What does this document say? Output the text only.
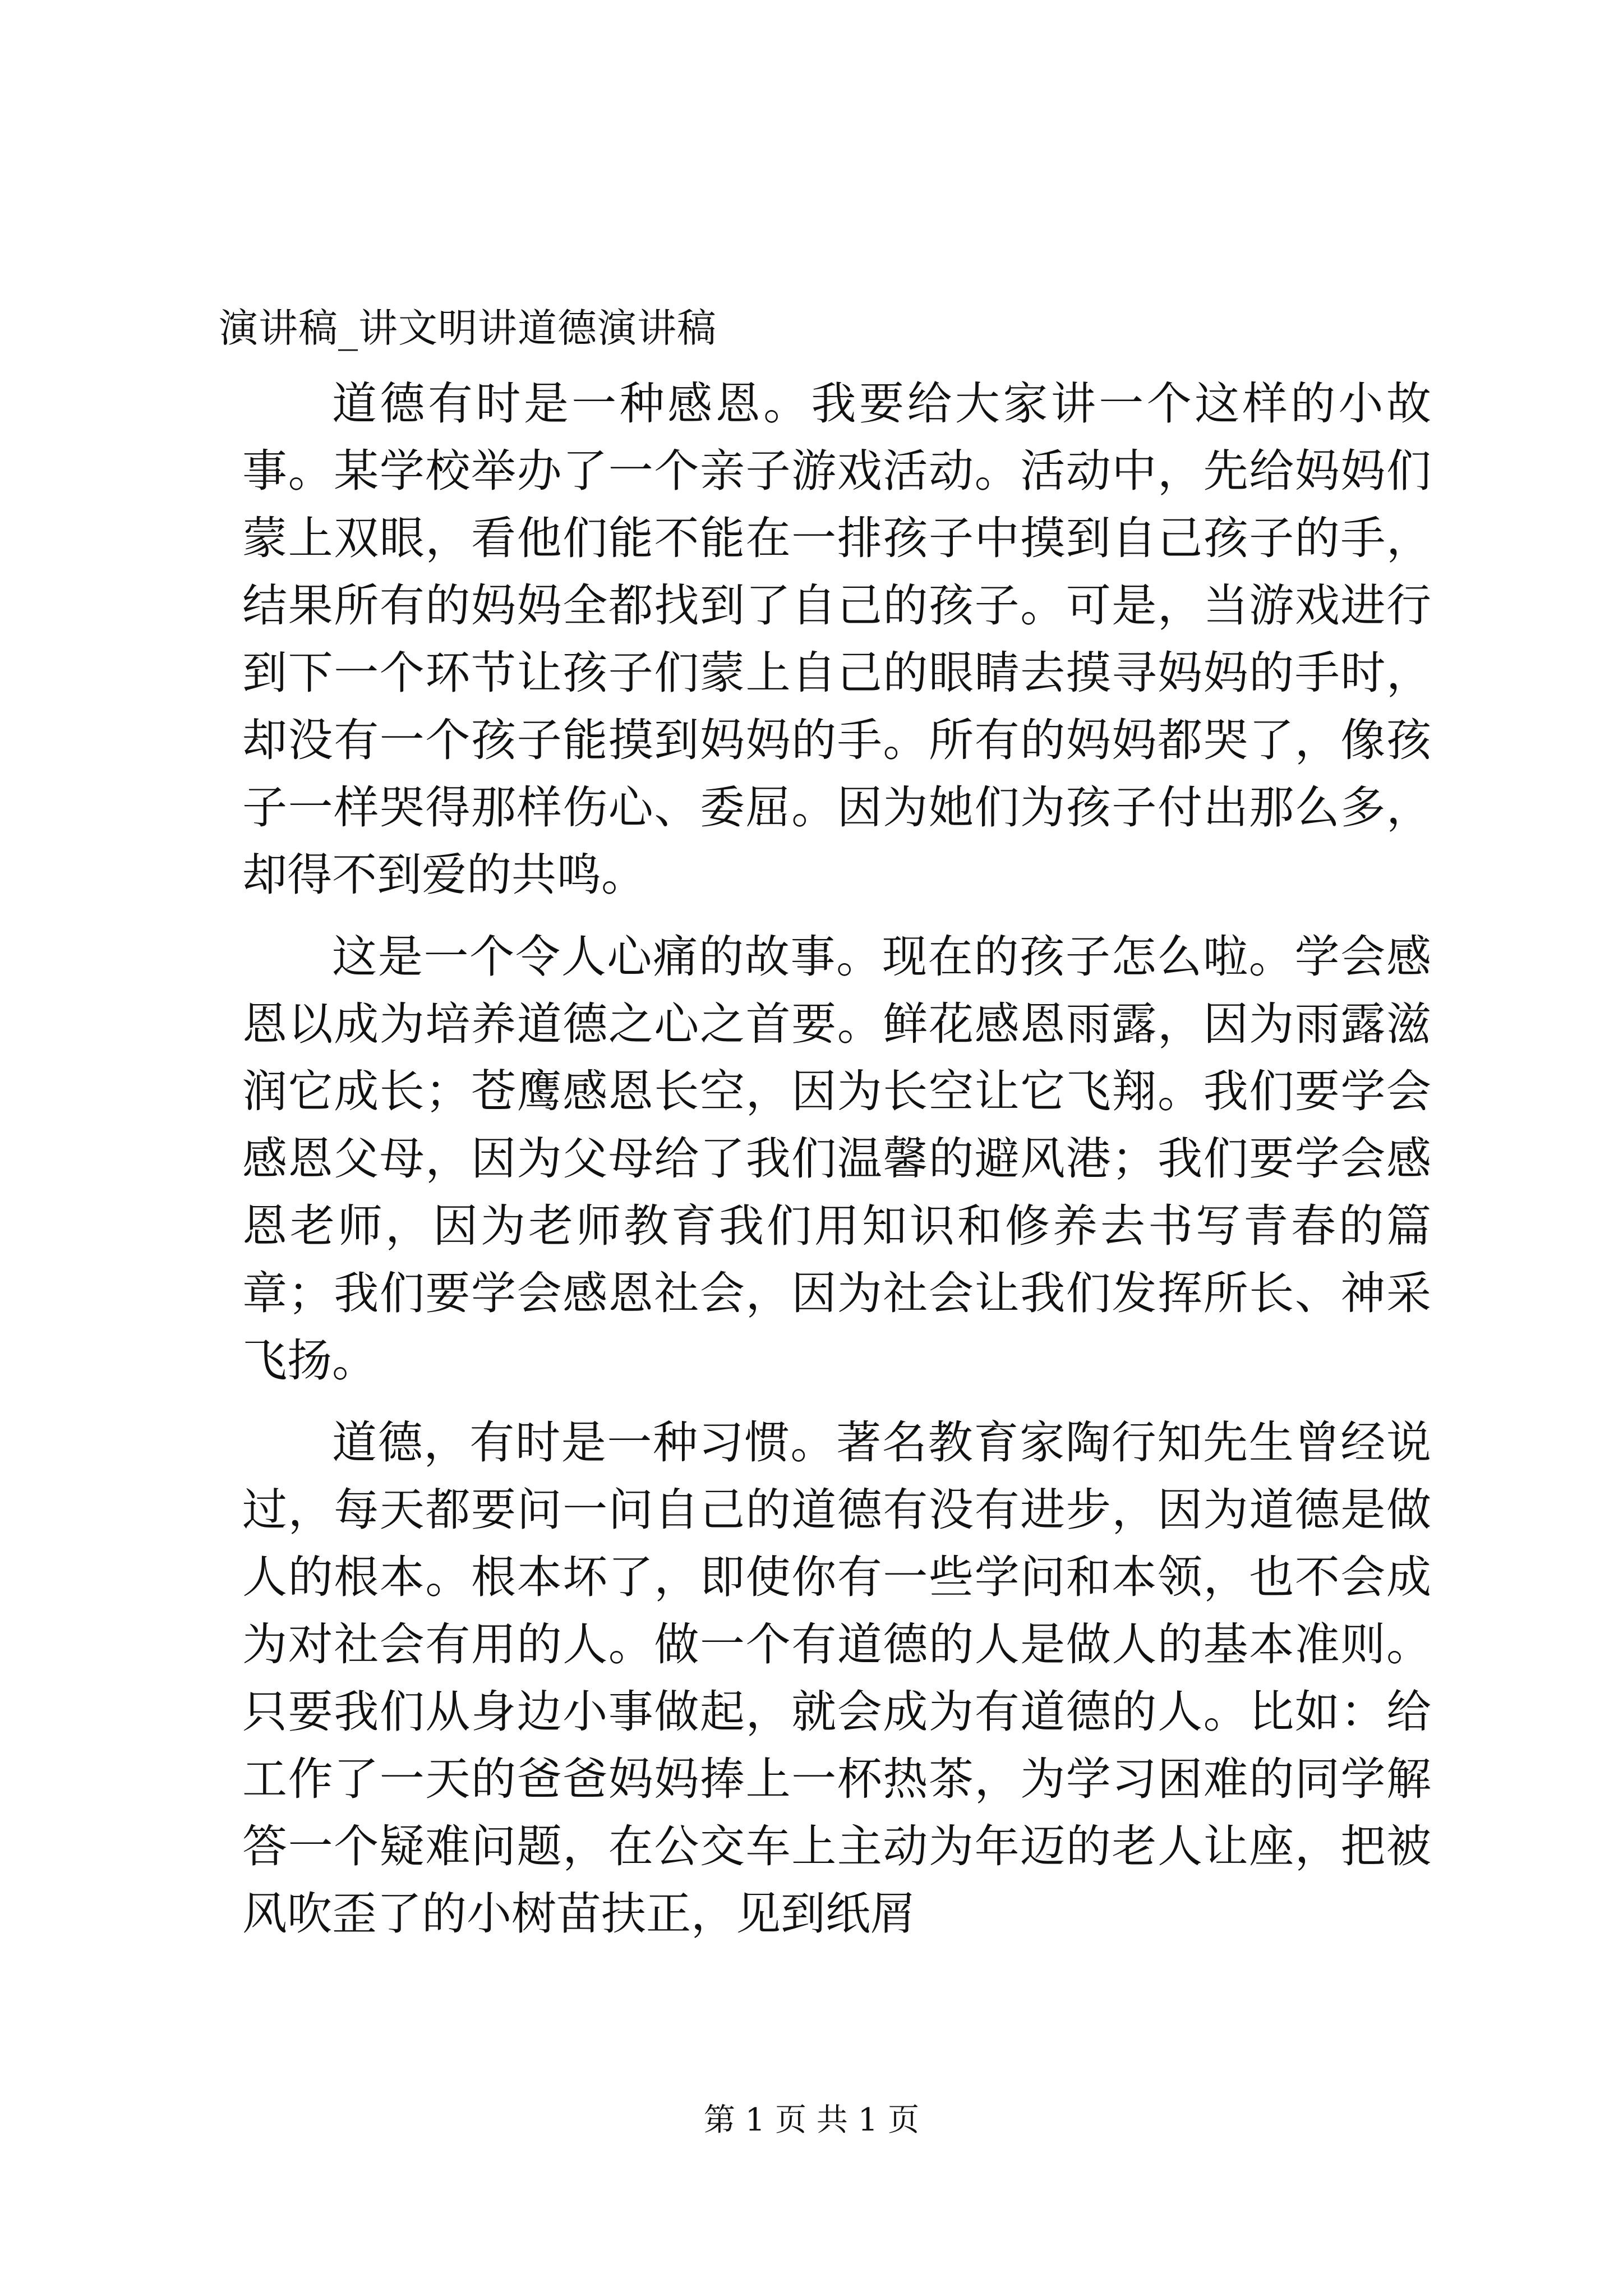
演讲稿_讲文明讲道德演讲稿

道德有时是一种感恩。我要给大家讲一个这样的小故事。某学校举办了一个亲子游戏活动。活动中，先给妈妈们蒙上双眼，看他们能不能在一排孩子中摸到自己孩子的手，结果所有的妈妈全都找到了自己的孩子。可是，当游戏进行到下一个环节让孩子们蒙上自己的眼睛去摸寻妈妈的手时，却没有一个孩子能摸到妈妈的手。所有的妈妈都哭了，像孩子一样哭得那样伤心、委屈。因为她们为孩子付出那么多，却得不到爱的共鸣。

这是一个令人心痛的故事。现在的孩子怎么啦。学会感恩以成为培养道德之心之首要。鲜花感恩雨露，因为雨露滋润它成长；苍鹰感恩长空，因为长空让它飞翔。我们要学会感恩父母，因为父母给了我们温馨的避风港；我们要学会感恩老师，因为老师教育我们用知识和修养去书写青春的篇章；我们要学会感恩社会，因为社会让我们发挥所长、神采飞扬。

道德，有时是一种习惯。著名教育家陶行知先生曾经说过，每天都要问一问自己的道德有没有进步，因为道德是做人的根本。根本坏了，即使你有一些学问和本领，也不会成为对社会有用的人。做一个有道德的人是做人的基本准则。只要我们从身边小事做起，就会成为有道德的人。比如：给工作了一天的爸爸妈妈捧上一杯热茶，为学习困难的同学解答一个疑难问题，在公交车上主动为年迈的老人让座，把被风吹歪了的小树苗扶正，见到纸屑

第 1 页 共 1 页
